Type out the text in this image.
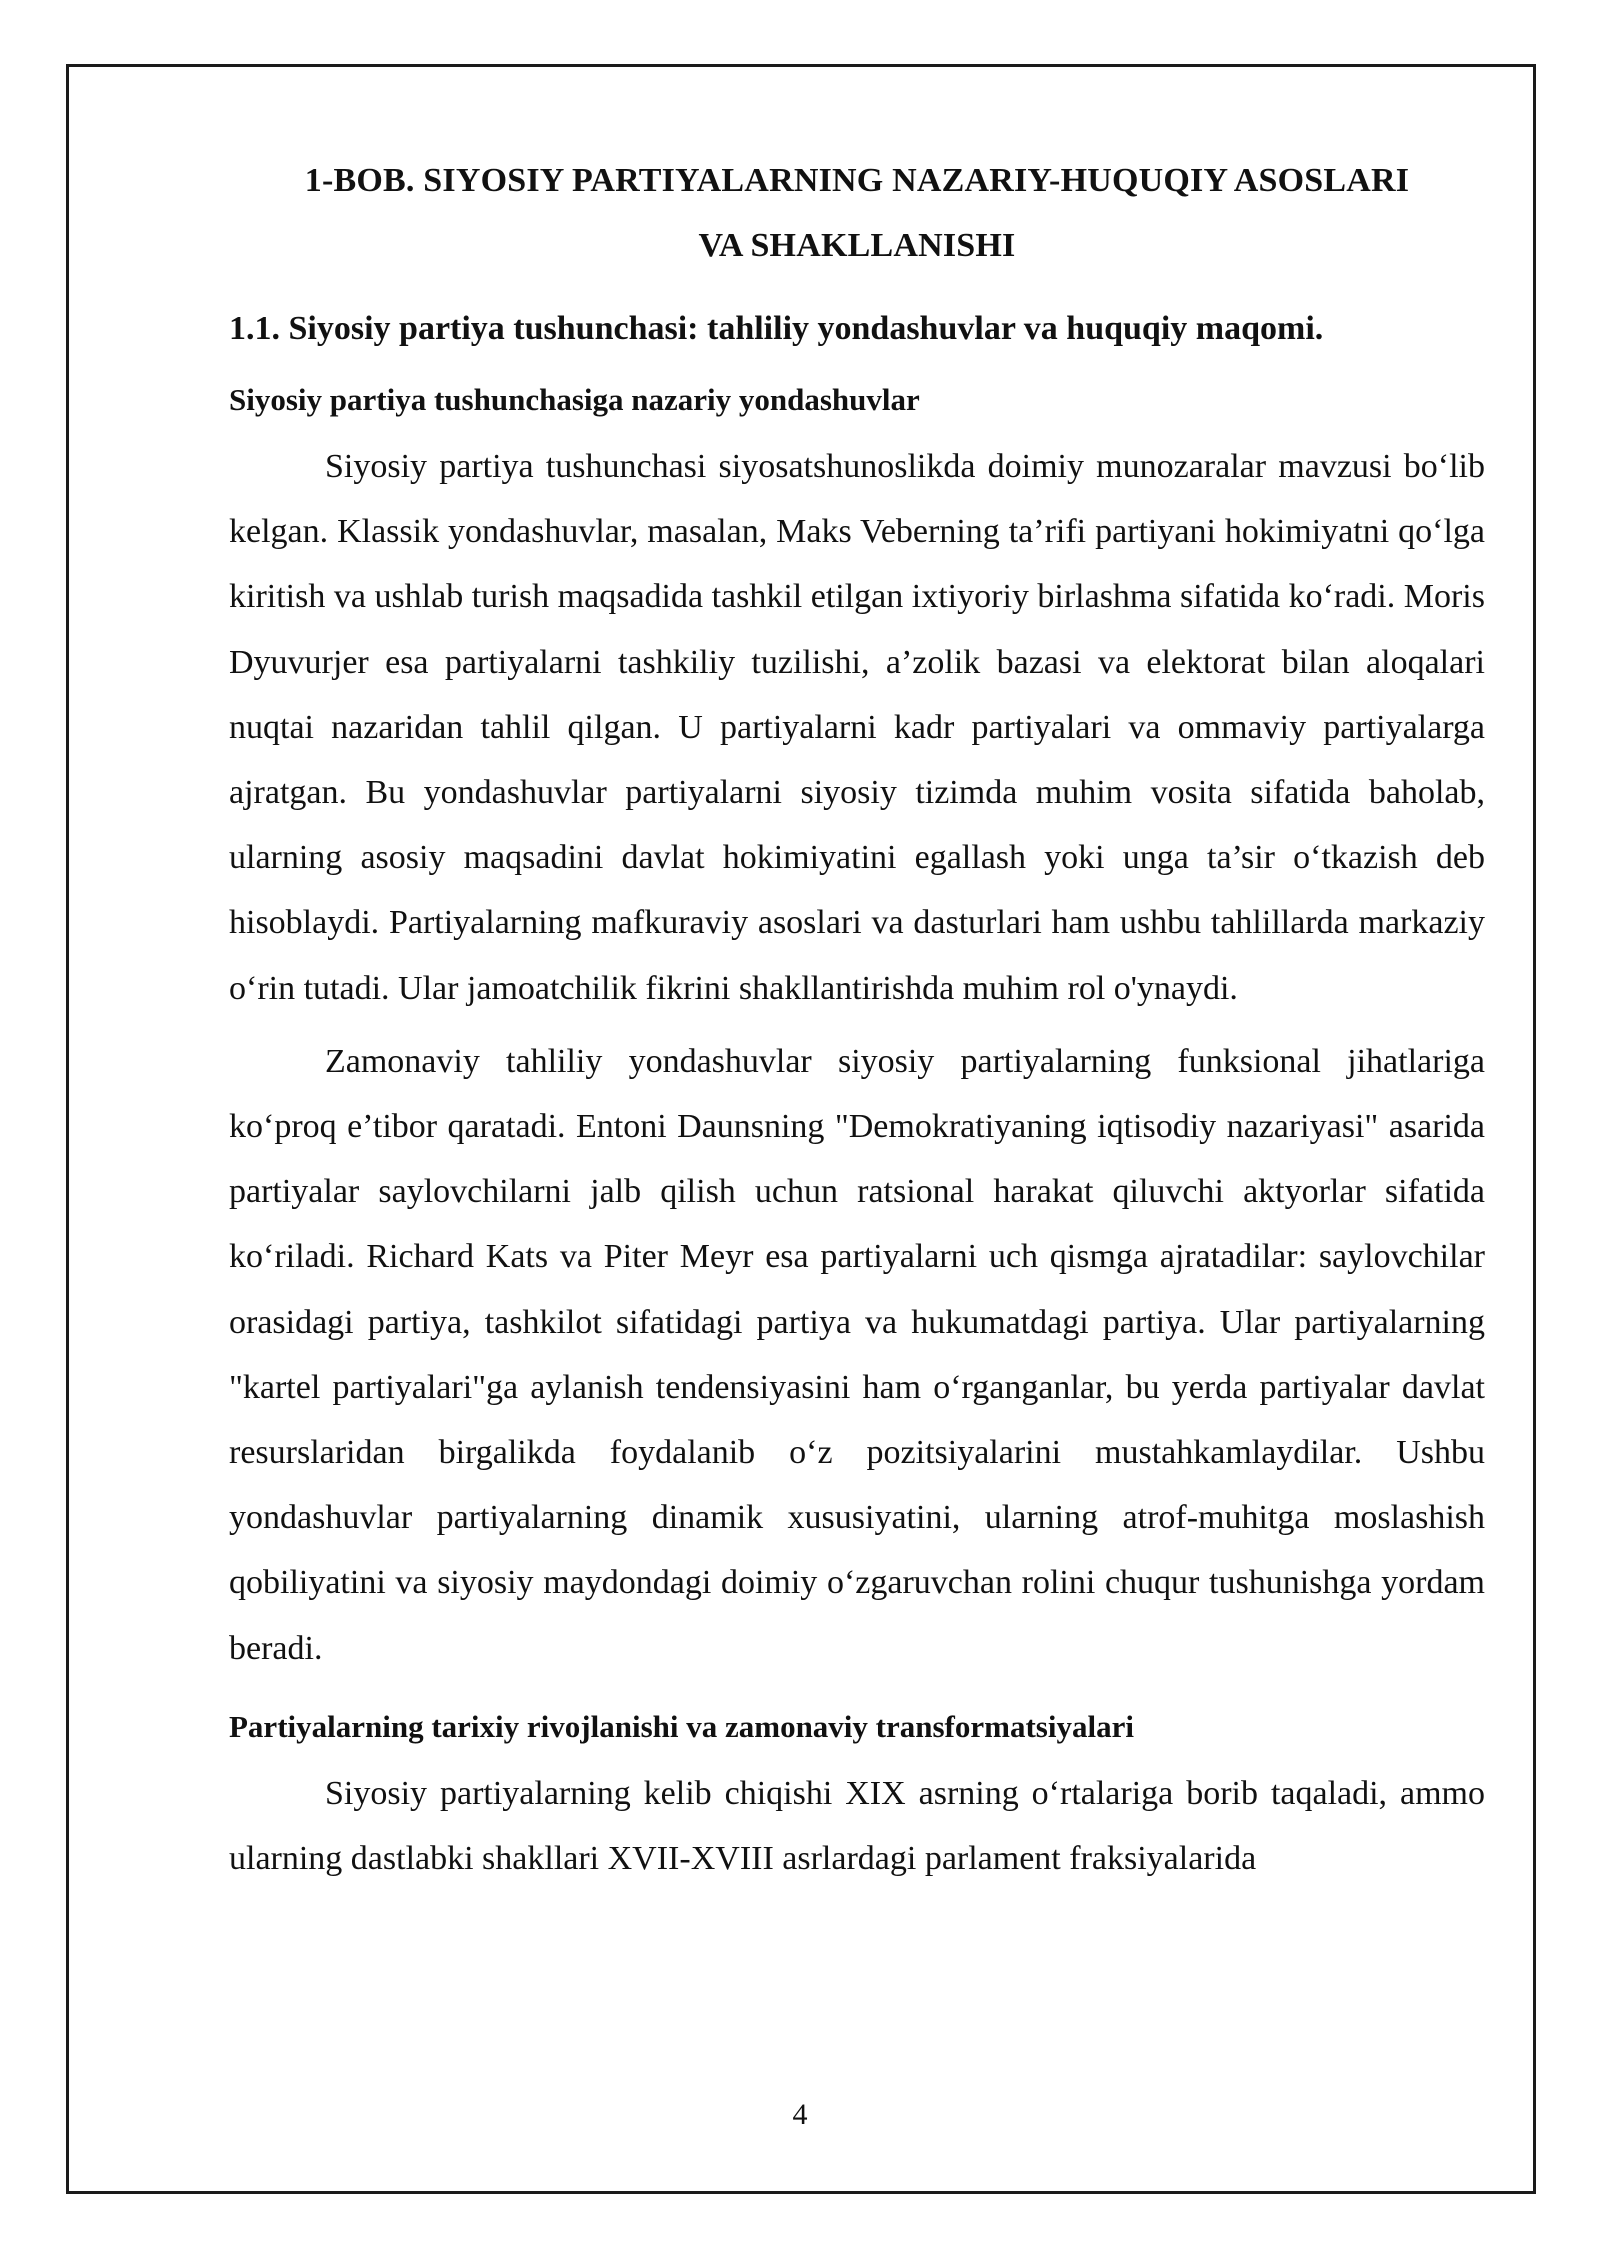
1-BOB. SIYOSIY PARTIYALARNING NAZARIY-HUQUQIY ASOSLARI
VA SHAKLLANISHI
1.1. Siyosiy partiya tushunchasi: tahliliy yondashuvlar va huquqiy maqomi.
Siyosiy partiya tushunchasiga nazariy yondashuvlar

Siyosiy partiya tushunchasi siyosatshunoslikda doimiy munozaralar mavzusi bo‘lib kelgan. Klassik yondashuvlar, masalan, Maks Veberning ta’rifi partiyani hokimiyatni qo‘lga kiritish va ushlab turish maqsadida tashkil etilgan ixtiyoriy birlashma sifatida ko‘radi. Moris Dyuvurjer esa partiyalarni tashkiliy tuzilishi, a’zolik bazasi va elektorat bilan aloqalari nuqtai nazaridan tahlil qilgan. U partiyalarni kadr partiyalari va ommaviy partiyalarga ajratgan. Bu yondashuvlar partiyalarni siyosiy tizimda muhim vosita sifatida baholab, ularning asosiy maqsadini davlat hokimiyatini egallash yoki unga ta’sir o‘tkazish deb hisoblaydi. Partiyalarning mafkuraviy asoslari va dasturlari ham ushbu tahlillarda markaziy o‘rin tutadi. Ular jamoatchilik fikrini shakllantirishda muhim rol o'ynaydi.

Zamonaviy tahliliy yondashuvlar siyosiy partiyalarning funksional jihatlariga ko‘proq e’tibor qaratadi. Entoni Daunsning "Demokratiyaning iqtisodiy nazariyasi" asarida partiyalar saylovchilarni jalb qilish uchun ratsional harakat qiluvchi aktyorlar sifatida ko‘riladi. Richard Kats va Piter Meyr esa partiyalarni uch qismga ajratadilar: saylovchilar orasidagi partiya, tashkilot sifatidagi partiya va hukumatdagi partiya. Ular partiyalarning "kartel partiyalari"ga aylanish tendensiyasini ham o‘rganganlar, bu yerda partiyalar davlat resurslaridan birgalikda foydalanib o‘z pozitsiyalarini mustahkamlaydilar. Ushbu yondashuvlar partiyalarning dinamik xususiyatini, ularning atrof-muhitga moslashish qobiliyatini va siyosiy maydondagi doimiy o‘zgaruvchan rolini chuqur tushunishga yordam beradi.

Partiyalarning tarixiy rivojlanishi va zamonaviy transformatsiyalari

Siyosiy partiyalarning kelib chiqishi XIX asrning o‘rtalariga borib taqaladi, ammo ularning dastlabki shakllari XVII-XVIII asrlardagi parlament fraksiyalarida

4
